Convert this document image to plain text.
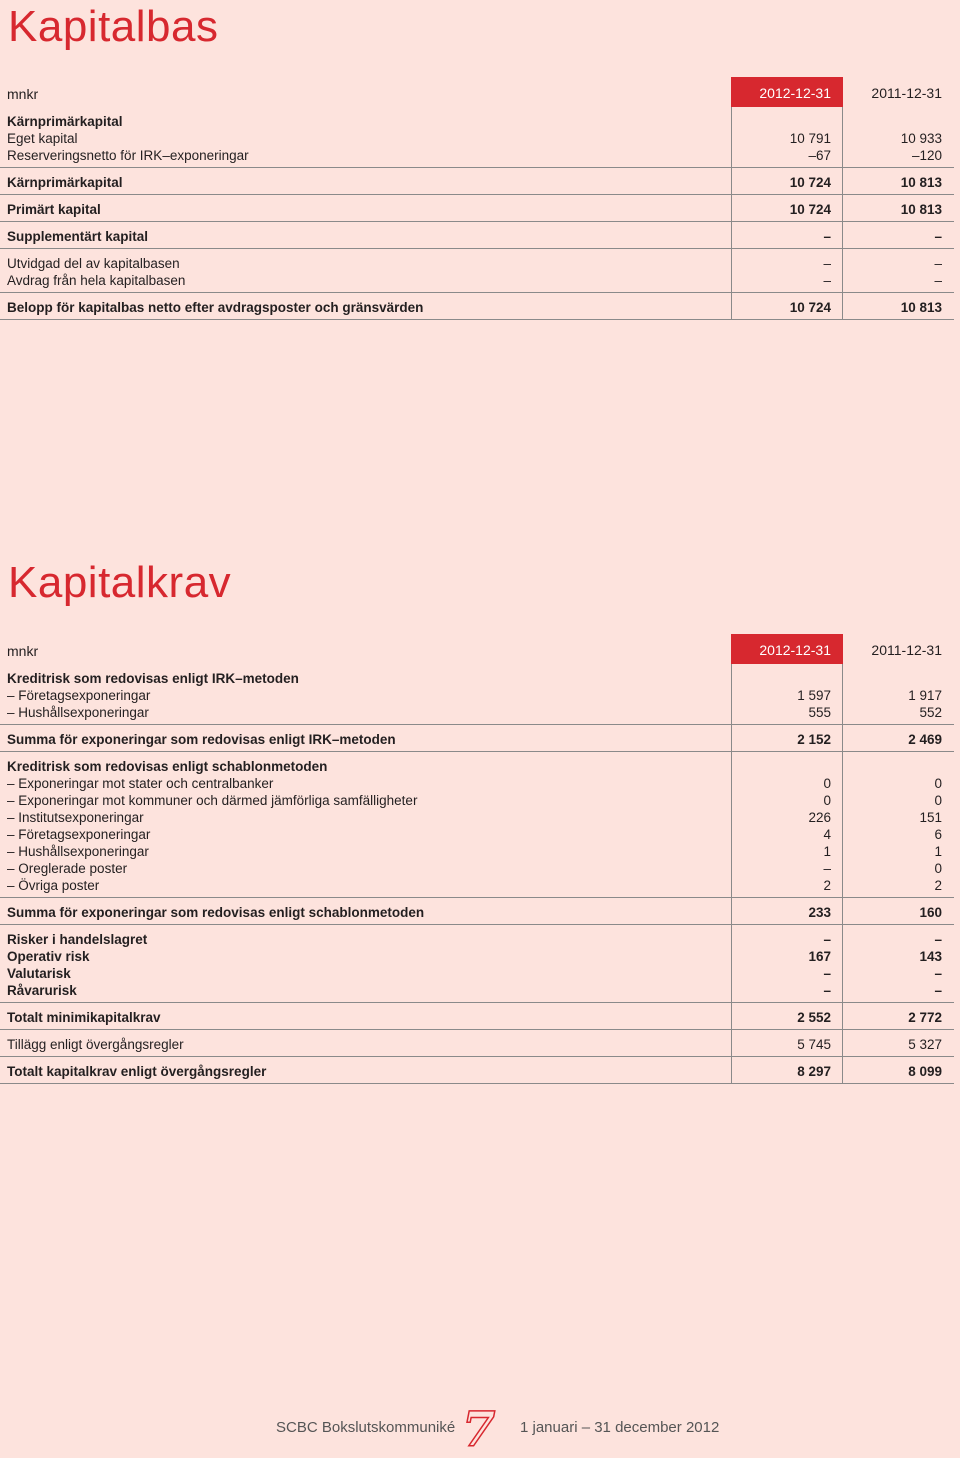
Kapitalbas
mnkr	2012-12-31	2011-12-31
Kärnprimärkapital
Eget kapital	10 791	10 933
Reserveringsnetto för IRK–exponeringar	–67	–120
Kärnprimärkapital	10 724	10 813
Primärt kapital	10 724	10 813
Supplementärt kapital	–	–
Utvidgad del av kapitalbasen	–	–
Avdrag från hela kapitalbasen	–	–
Belopp för kapitalbas netto efter avdragsposter och gränsvärden	10 724	10 813
Kapitalkrav
mnkr	2012-12-31	2011-12-31
Kreditrisk som redovisas enligt IRK–metoden
– Företagsexponeringar	1 597	1 917
– Hushållsexponeringar	555	552
Summa för exponeringar som redovisas enligt IRK–metoden	2 152	2 469
Kreditrisk som redovisas enligt schablonmetoden
– Exponeringar mot stater och centralbanker	0	0
– Exponeringar mot kommuner och därmed jämförliga samfälligheter	0	0
– Institutsexponeringar	226	151
– Företagsexponeringar	4	6
– Hushållsexponeringar	1	1
– Oreglerade poster	–	0
– Övriga poster	2	2
Summa för exponeringar som redovisas enligt schablonmetoden	233	160
Risker i handelslagret	–	–
Operativ risk	167	143
Valutarisk	–	–
Råvarurisk	–	–
Totalt minimikapitalkrav	2 552	2 772
Tillägg enligt övergångsregler	5 745	5 327
Totalt kapitalkrav enligt övergångsregler	8 297	8 099
SCBC Bokslutskommuniké 7 1 januari – 31 december 2012
